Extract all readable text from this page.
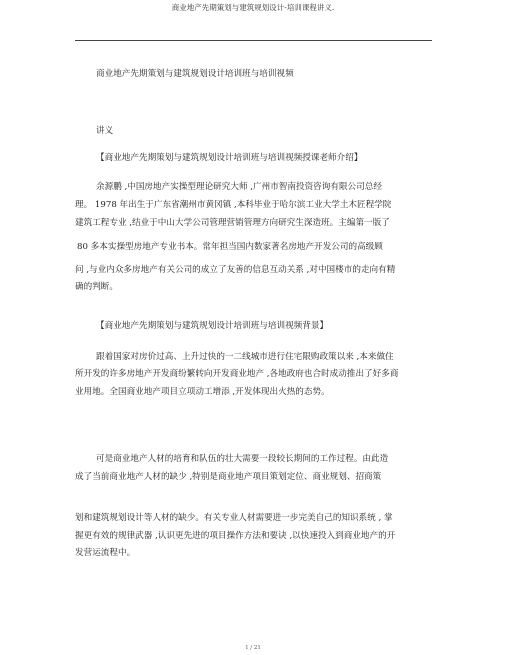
商业地产先期策划与建筑规划设计-培训课程讲义.
商业地产先期策划与建筑规划设计培训班与培训视频
讲义
【商业地产先期策划与建筑规划设计培训班与培训视频授课老师介绍】
余源鹏 ,中国房地产实操型理论研究大师 ,广州市智南投资咨询有限公司总经
理。 1978 年出生于广东省潮州市黄冈镇 ,本科毕业于哈尔滨工业大学土木匠程学院
建筑工程专业 ,结业于中山大学公司管理营销管理方向研究生深造班。主编第一版了
80 多本实操型房地产专业书本。常年担当国内数家著名房地产开发公司的高级顾
问 ,与业内众多房地产有关公司的成立了友善的信息互动关系 ,对中国楼市的走向有精
确的判断。
【商业地产先期策划与建筑规划设计培训班与培训视频背景】
跟着国家对房价过高、上升过快的一二线城市进行住宅限购政策以来 ,本来做住
所开发的许多房地产开发商纷繁转向开发商业地产 ,各地政府也合时成动推出了好多商
业用地。全国商业地产项目立项动工增添 ,开发体现出火热的态势。
可是商业地产人材的培育和队伍的壮大需要一段较长期间的工作过程。由此造
成了当前商业地产人材的缺少 ,特别是商业地产项目策划定位、商业规划、招商策
划和建筑规划设计等人材的缺少。有关专业人材需要进一步完美自己的知识系统 , 掌
握更有效的规律武器 ,认识更先进的项目操作方法和要诀 ,以快速投入到商业地产的开
发营运流程中。
1 / 21
